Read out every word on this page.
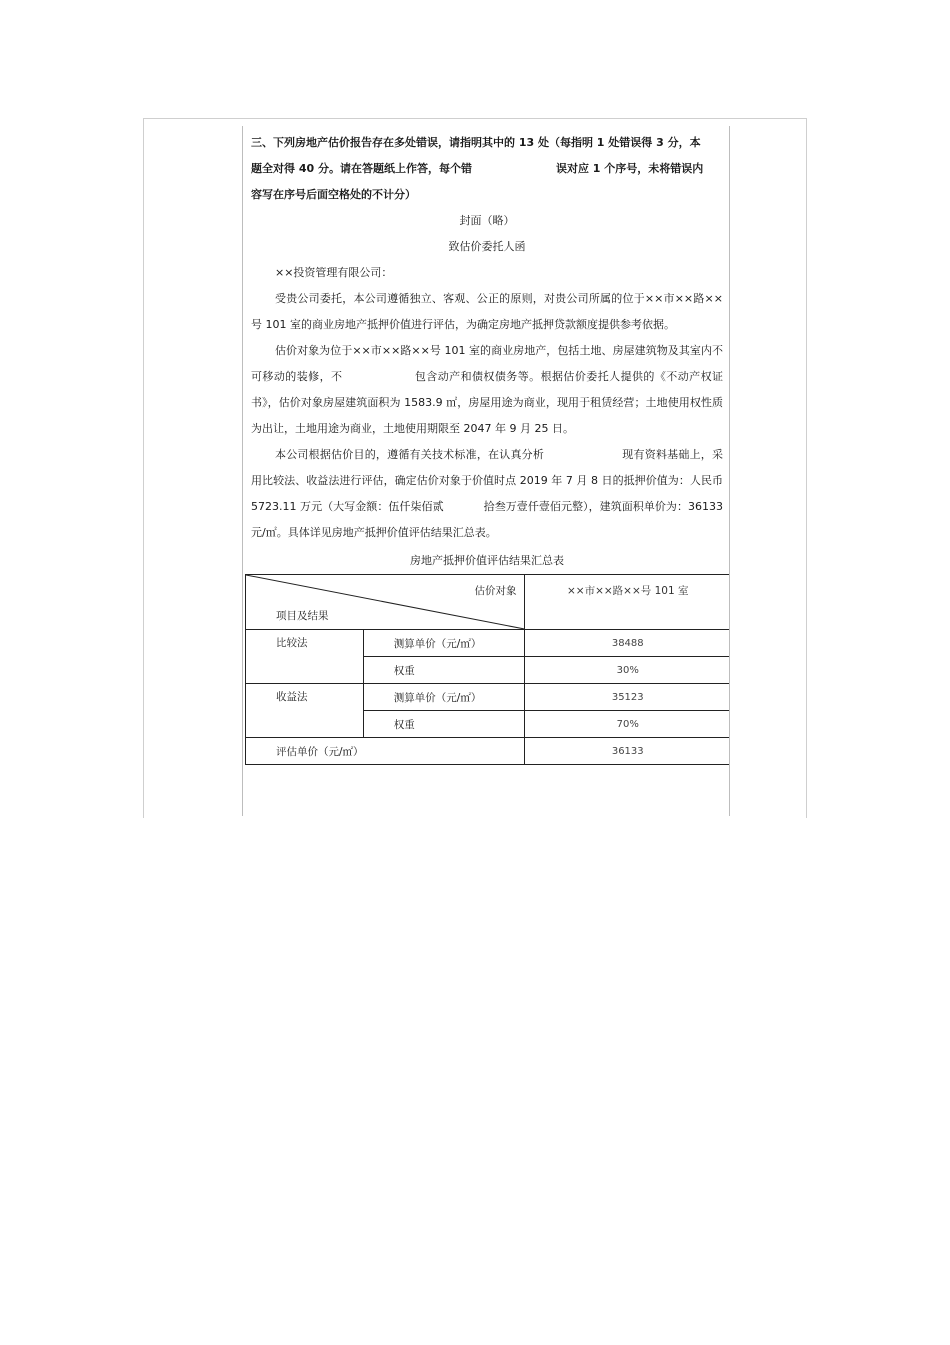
三、下列房地产估价报告存在多处错误，请指明其中的 13 处（每指明 1 处错误得 3 分，本
题全对得 40 分。请在答题纸上作答，每个错	误对应 1 个序号，未将错误内
容写在序号后面空格处的不计分）

封面（略）

致估价委托人函

××投资管理有限公司：

受贵公司委托，本公司遵循独立、客观、公正的原则，对贵公司所属的位于××市××路××号 101 室的商业房地产抵押价值进行评估，为确定房地产抵押贷款额度提供参考依据。

估价对象为位于××市××路××号 101 室的商业房地产，包括土地、房屋建筑物及其室内不可移动的装修，不	包含动产和债权债务等。根据估价委托人提供的《不动产权证书》，估价对象房屋建筑面积为 1583.9 ㎡，房屋用途为商业，现用于租赁经营；土地使用权性质为出让，土地用途为商业，土地使用期限至 2047 年 9 月 25 日。

本公司根据估价目的，遵循有关技术标准，在认真分析	现有资料基础上，采用比较法、收益法进行评估，确定估价对象于价值时点 2019 年 7 月 8 日的抵押价值为：人民币 5723.11 万元（大写金额：伍仟柒佰贰	拾叁万壹仟壹佰元整），建筑面积单价为：36133 元/㎡。具体详见房地产抵押价值评估结果汇总表。

房地产抵押价值评估结果汇总表
估价对象
项目及结果		××市××路××号 101 室
比较法	测算单价（元/㎡）	38488
	权重	30%
收益法	测算单价（元/㎡）	35123
	权重	70%
评估单价（元/㎡）		36133
